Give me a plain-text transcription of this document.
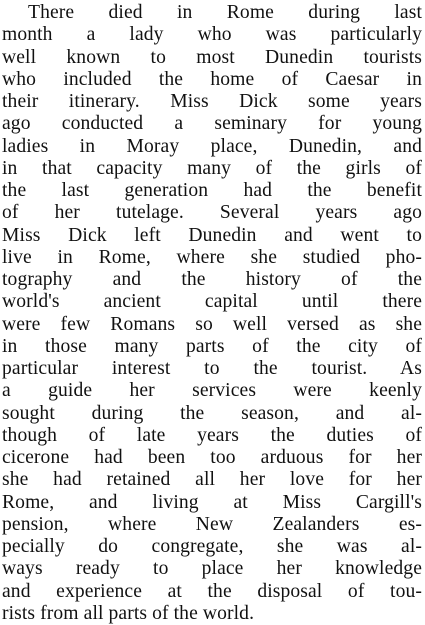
There died in Rome during last
month a lady who was particularly
well known to most Dunedin tourists
who included the home of Caesar in
their itinerary. Miss Dick some years
ago conducted a seminary for young
ladies in Moray place, Dunedin, and
in that capacity many of the girls of
the last generation had the benefit
of her tutelage. Several years ago
Miss Dick left Dunedin and went to
live in Rome, where she studied pho-
tography and the history of the
world's ancient capital until there
were few Romans so well versed as she
in those many parts of the city of
particular interest to the tourist. As
a guide her services were keenly
sought during the season, and al-
though of late years the duties of
cicerone had been too arduous for her
she had retained all her love for her
Rome, and living at Miss Cargill's
pension, where New Zealanders es-
pecially do congregate, she was al-
ways ready to place her knowledge
and experience at the disposal of tou-
rists from all parts of the world.
